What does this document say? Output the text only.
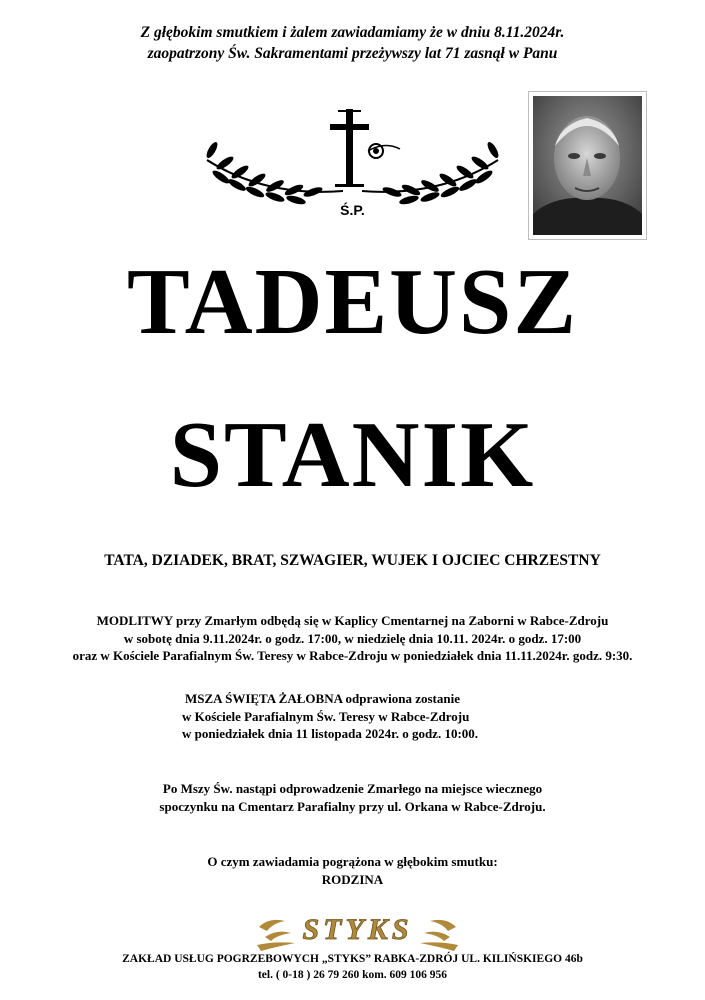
Z głębokim smutkiem i żalem zawiadamiamy że w dniu 8.11.2024r.
zaopatrzony Św. Sakramentami przeżywszy lat 71 zasnął w Panu
Ś.P.
TADEUSZ
STANIK
TATA, DZIADEK, BRAT, SZWAGIER, WUJEK I OJCIEC CHRZESTNY
MODLITWY przy Zmarłym odbędą się w Kaplicy Cmentarnej na Zaborni w Rabce-Zdroju
w sobotę dnia 9.11.2024r. o godz. 17:00, w niedzielę dnia 10.11. 2024r. o godz. 17:00
oraz w Kościele Parafialnym Św. Teresy w Rabce-Zdroju w poniedziałek dnia 11.11.2024r. godz. 9:30.
MSZA ŚWIĘTA ŻAŁOBNA odprawiona zostanie
w Kościele Parafialnym Św. Teresy w Rabce-Zdroju
w poniedziałek dnia 11 listopada 2024r. o godz. 10:00.
Po Mszy Św. nastąpi odprowadzenie Zmarłego na miejsce wiecznego
spoczynku na Cmentarz Parafialny przy ul. Orkana w Rabce-Zdroju.
O czym zawiadamia pogrążona w głębokim smutku:
RODZINA
STYKS
ZAKŁAD USŁUG POGRZEBOWYCH „STYKS” RABKA-ZDRÓJ UL. KILIŃSKIEGO 46b
tel. ( 0-18 ) 26 79 260 kom. 609 106 956
